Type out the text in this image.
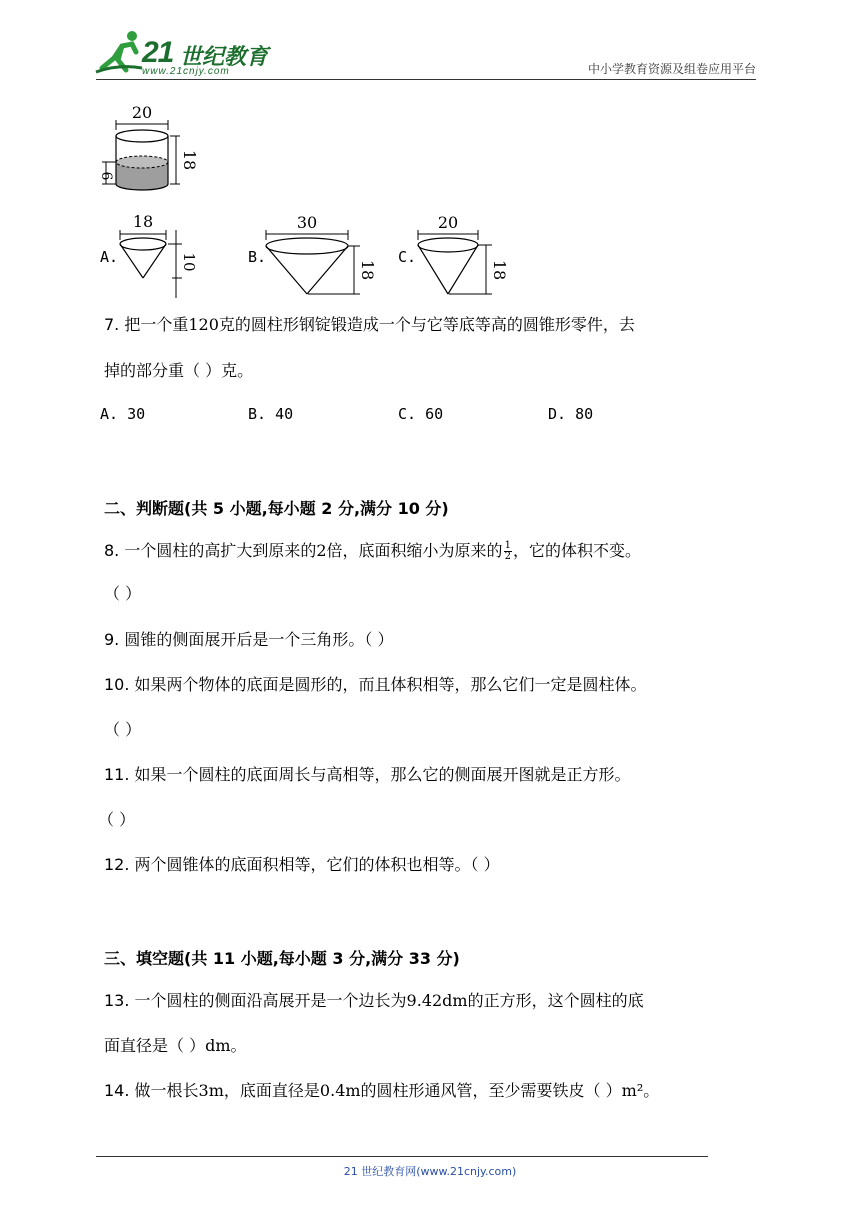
21 世纪教育
www.21cnjy.com	中小学教育资源及组卷应用平台
20
18
6
A.
18
10	B.
30
18
C.
20
18
7. 把一个重120克的圆柱形钢锭锻造成一个与它等底等高的圆锥形零件，去
掉的部分重（ ）克。
A. 30	B. 40	C. 60	D. 80
二、判断题(共 5 小题,每小题 2 分,满分 10 分)
8. 一个圆柱的高扩大到原来的2倍，底面积缩小为原来的 $\frac{1}{2}$ ，它的体积不变。
（ ）
9. 圆锥的侧面展开后是一个三角形。（ ）
10. 如果两个物体的底面是圆形的，而且体积相等，那么它们一定是圆柱体。
（ ）
11. 如果一个圆柱的底面周长与高相等，那么它的侧面展开图就是正方形。
（ ）
12. 两个圆锥体的底面积相等，它们的体积也相等。（ ）
三、填空题(共 11 小题,每小题 3 分,满分 33 分)
13. 一个圆柱的侧面沿高展开是一个边长为9.42dm的正方形，这个圆柱的底
面直径是（ ）dm。
14. 做一根长3m，底面直径是0.4m的圆柱形通风管，至少需要铁皮（ ）m²。
21 世纪教育网(www.21cnjy.com)
